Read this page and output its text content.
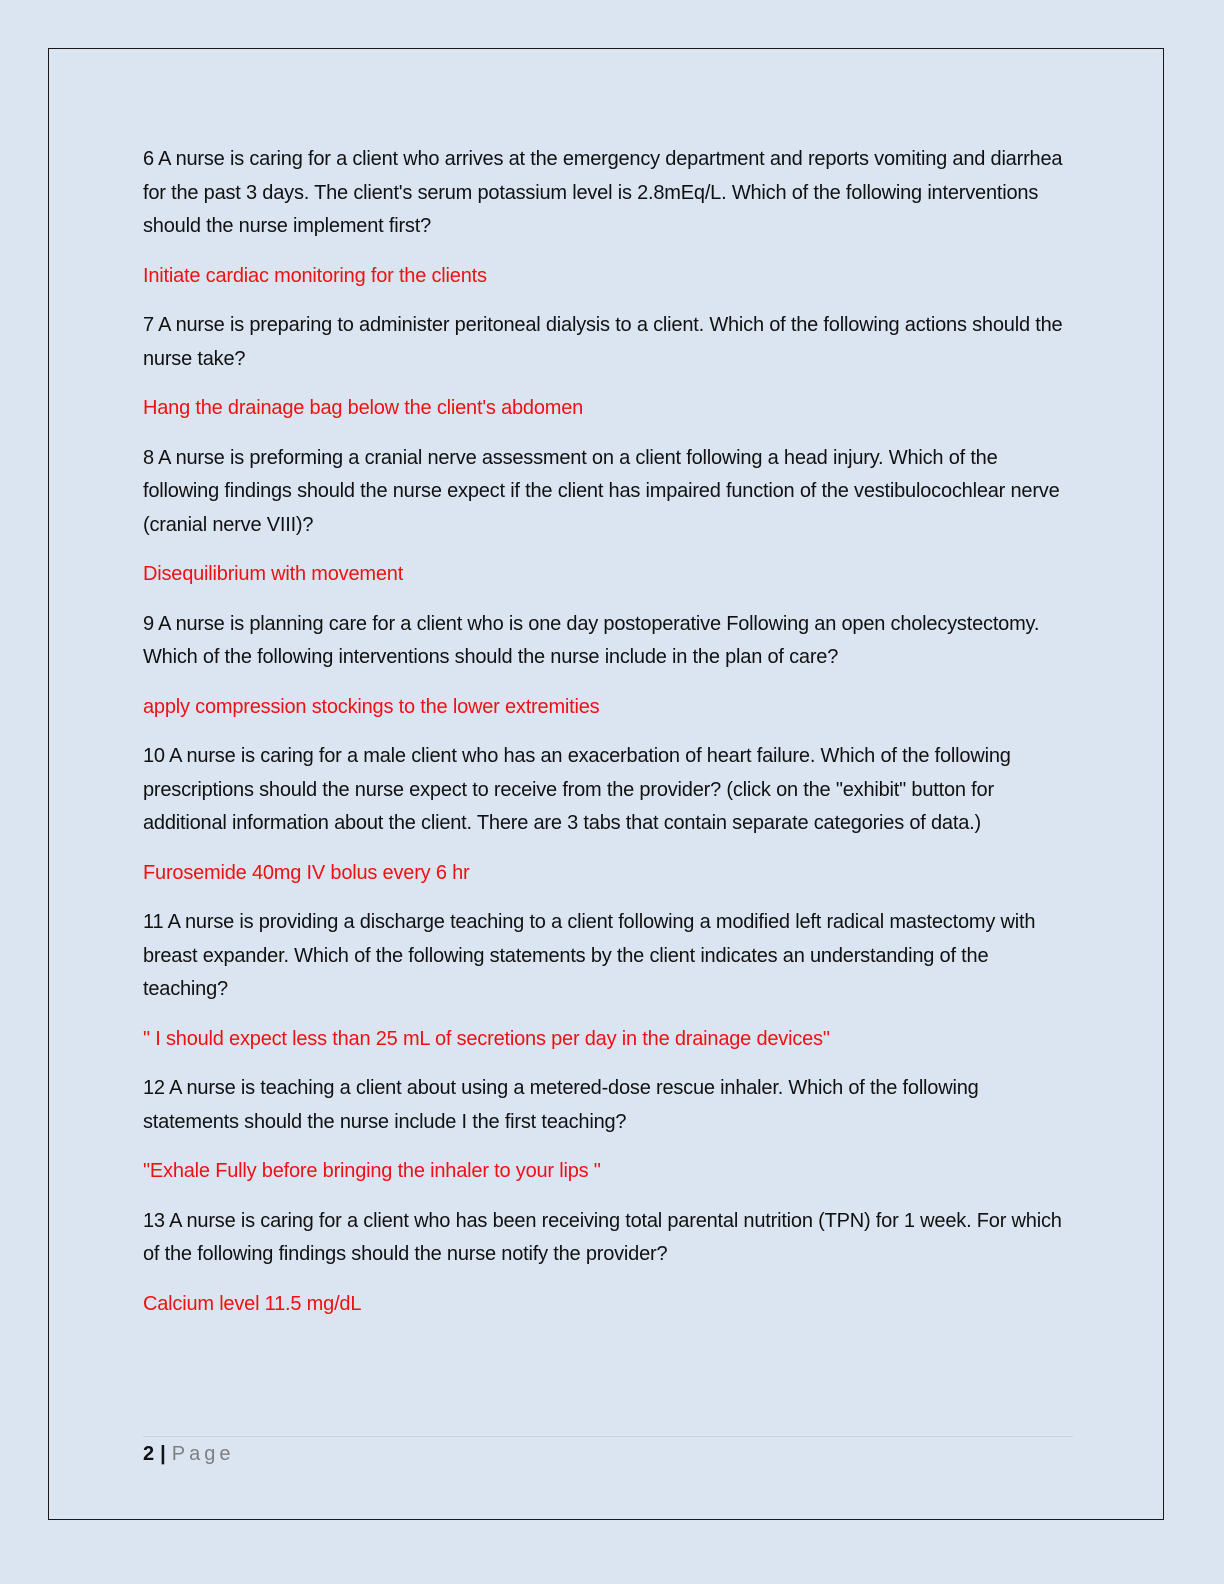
6 A nurse is caring for a client who arrives at the emergency department and reports vomiting and diarrhea for the past 3 days. The client's serum potassium level is 2.8mEq/L. Which of the following interventions should the nurse implement first?

Initiate cardiac monitoring for the clients

7 A nurse is preparing to administer peritoneal dialysis to a client. Which of the following actions should the nurse take?

Hang the drainage bag below the client's abdomen

8 A nurse is preforming a cranial nerve assessment on a client following a head injury. Which of the following findings should the nurse expect if the client has impaired function of the vestibulocochlear nerve (cranial nerve VIII)?

Disequilibrium with movement

9 A nurse is planning care for a client who is one day postoperative Following an open cholecystectomy. Which of the following interventions should the nurse include in the plan of care?

apply compression stockings to the lower extremities

10 A nurse is caring for a male client who has an exacerbation of heart failure. Which of the following prescriptions should the nurse expect to receive from the provider? (click on the "exhibit" button for additional information about the client. There are 3 tabs that contain separate categories of data.)

Furosemide 40mg IV bolus every 6 hr

11 A nurse is providing a discharge teaching to a client following a modified left radical mastectomy with breast expander. Which of the following statements by the client indicates an understanding of the teaching?

" I should expect less than 25 mL of secretions per day in the drainage devices"

12 A nurse is teaching a client about using a metered-dose rescue inhaler. Which of the following statements should the nurse include I the first teaching?

"Exhale Fully before bringing the inhaler to your lips "

13 A nurse is caring for a client who has been receiving total parental nutrition (TPN) for 1 week. For which of the following findings should the nurse notify the provider?

Calcium level 11.5 mg/dL

2 | Page
